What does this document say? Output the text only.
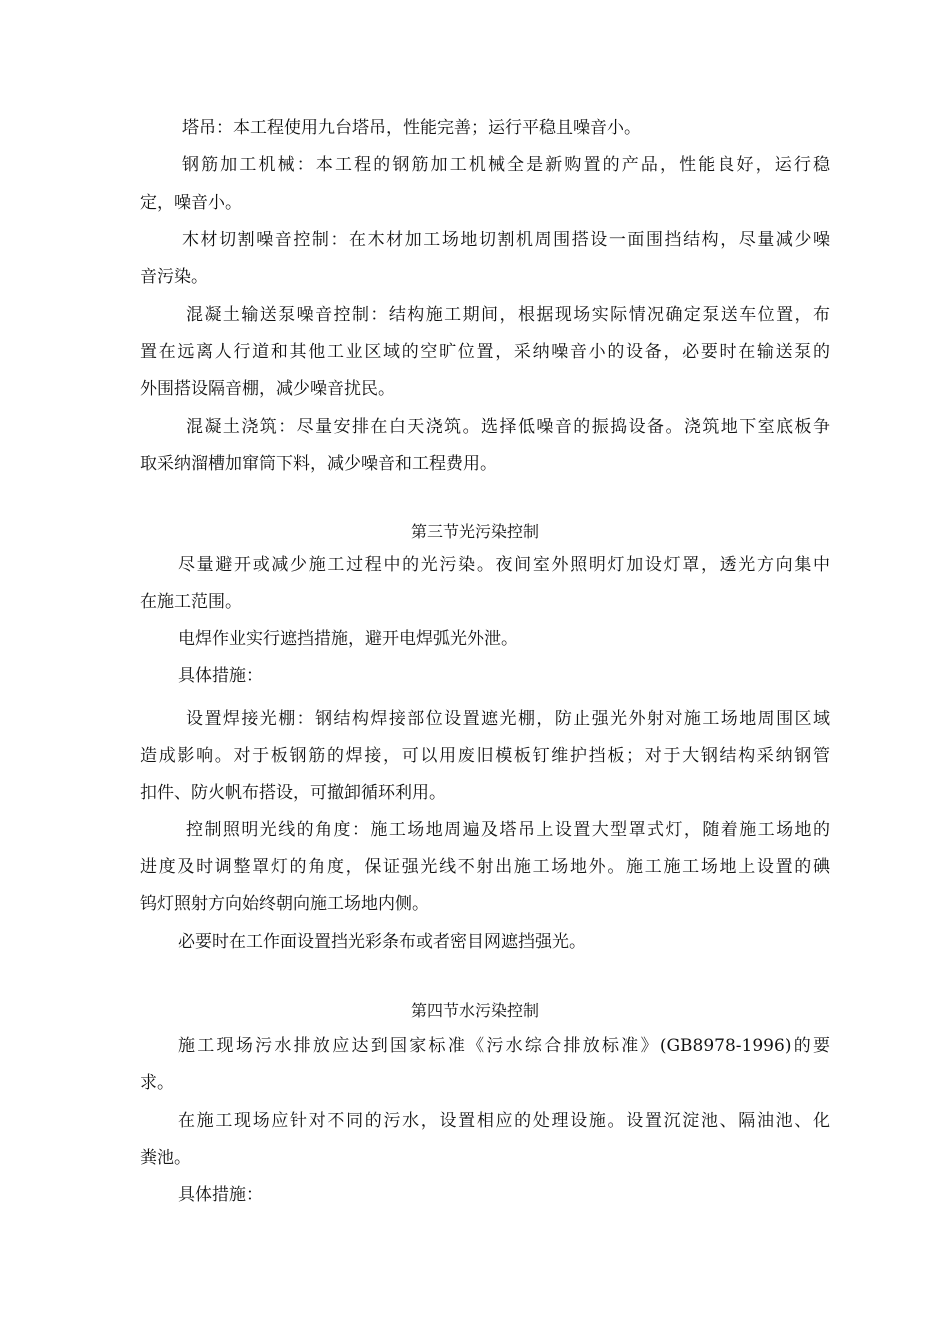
塔吊：本工程使用九台塔吊，性能完善；运行平稳且噪音小。
钢筋加工机械：本工程的钢筋加工机械全是新购置的产品，性能良好，运行稳
定，噪音小。
木材切割噪音控制：在木材加工场地切割机周围搭设一面围挡结构，尽量减少噪
音污染。
混凝土输送泵噪音控制：结构施工期间，根据现场实际情况确定泵送车位置，布
置在远离人行道和其他工业区域的空旷位置，采纳噪音小的设备，必要时在输送泵的
外围搭设隔音棚，减少噪音扰民。
混凝土浇筑：尽量安排在白天浇筑。选择低噪音的振捣设备。浇筑地下室底板争
取采纳溜槽加窜筒下料，减少噪音和工程费用。
第三节光污染控制
尽量避开或减少施工过程中的光污染。夜间室外照明灯加设灯罩，透光方向集中
在施工范围。
电焊作业实行遮挡措施，避开电焊弧光外泄。
具体措施：
设置焊接光棚：钢结构焊接部位设置遮光棚，防止强光外射对施工场地周围区域
造成影响。对于板钢筋的焊接，可以用废旧模板钉维护挡板；对于大钢结构采纳钢管
扣件、防火帆布搭设，可撤卸循环利用。
控制照明光线的角度：施工场地周遍及塔吊上设置大型罩式灯，随着施工场地的
进度及时调整罩灯的角度，保证强光线不射出施工场地外。施工施工场地上设置的碘
钨灯照射方向始终朝向施工场地内侧。
必要时在工作面设置挡光彩条布或者密目网遮挡强光。
第四节水污染控制
施工现场污水排放应达到国家标准《污水综合排放标准》(GB8978-1996)的要
求。
在施工现场应针对不同的污水，设置相应的处理设施。设置沉淀池、隔油池、化
粪池。
具体措施：
